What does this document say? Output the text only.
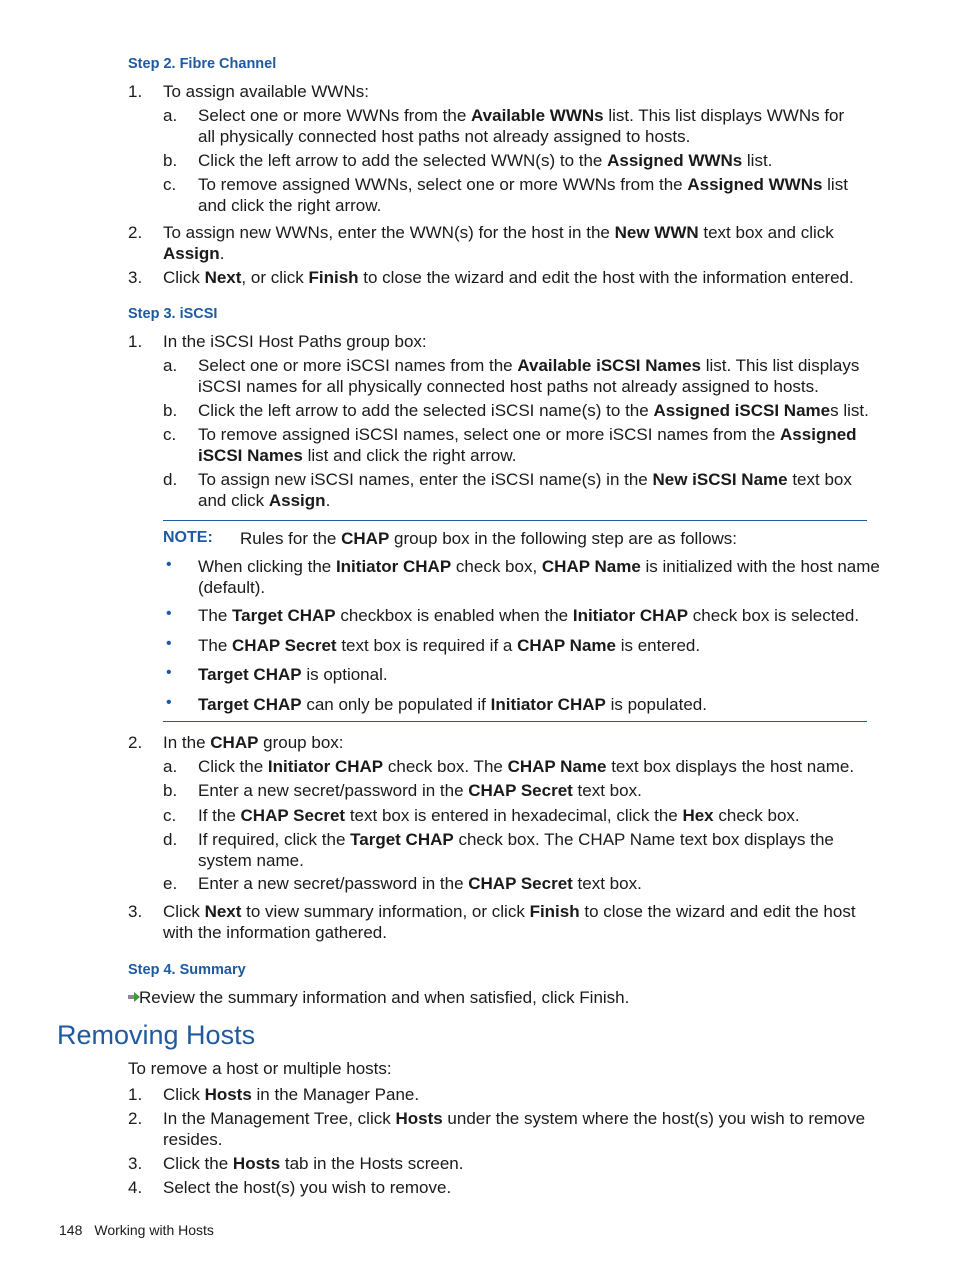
Step 2. Fibre Channel
1. To assign available WWNs:
a. Select one or more WWNs from the Available WWNs list. This list displays WWNs for
all physically connected host paths not already assigned to hosts.
b. Click the left arrow to add the selected WWN(s) to the Assigned WWNs list.
c. To remove assigned WWNs, select one or more WWNs from the Assigned WWNs list
and click the right arrow.
2. To assign new WWNs, enter the WWN(s) for the host in the New WWN text box and click
Assign.
3. Click Next, or click Finish to close the wizard and edit the host with the information entered.
Step 3. iSCSI
1. In the iSCSI Host Paths group box:
a. Select one or more iSCSI names from the Available iSCSI Names list. This list displays
iSCSI names for all physically connected host paths not already assigned to hosts.
b. Click the left arrow to add the selected iSCSI name(s) to the Assigned iSCSI Names list.
c. To remove assigned iSCSI names, select one or more iSCSI names from the Assigned
iSCSI Names list and click the right arrow.
d. To assign new iSCSI names, enter the iSCSI name(s) in the New iSCSI Name text box
and click Assign.
NOTE: Rules for the CHAP group box in the following step are as follows:
• When clicking the Initiator CHAP check box, CHAP Name is initialized with the host name
(default).
• The Target CHAP checkbox is enabled when the Initiator CHAP check box is selected.
• The CHAP Secret text box is required if a CHAP Name is entered.
• Target CHAP is optional.
• Target CHAP can only be populated if Initiator CHAP is populated.
2. In the CHAP group box:
a. Click the Initiator CHAP check box. The CHAP Name text box displays the host name.
b. Enter a new secret/password in the CHAP Secret text box.
c. If the CHAP Secret text box is entered in hexadecimal, click the Hex check box.
d. If required, click the Target CHAP check box. The CHAP Name text box displays the
system name.
e. Enter a new secret/password in the CHAP Secret text box.
3. Click Next to view summary information, or click Finish to close the wizard and edit the host
with the information gathered.
Step 4. Summary
Review the summary information and when satisfied, click Finish.
Removing Hosts
To remove a host or multiple hosts:
1. Click Hosts in the Manager Pane.
2. In the Management Tree, click Hosts under the system where the host(s) you wish to remove
resides.
3. Click the Hosts tab in the Hosts screen.
4. Select the host(s) you wish to remove.
148 Working with Hosts
